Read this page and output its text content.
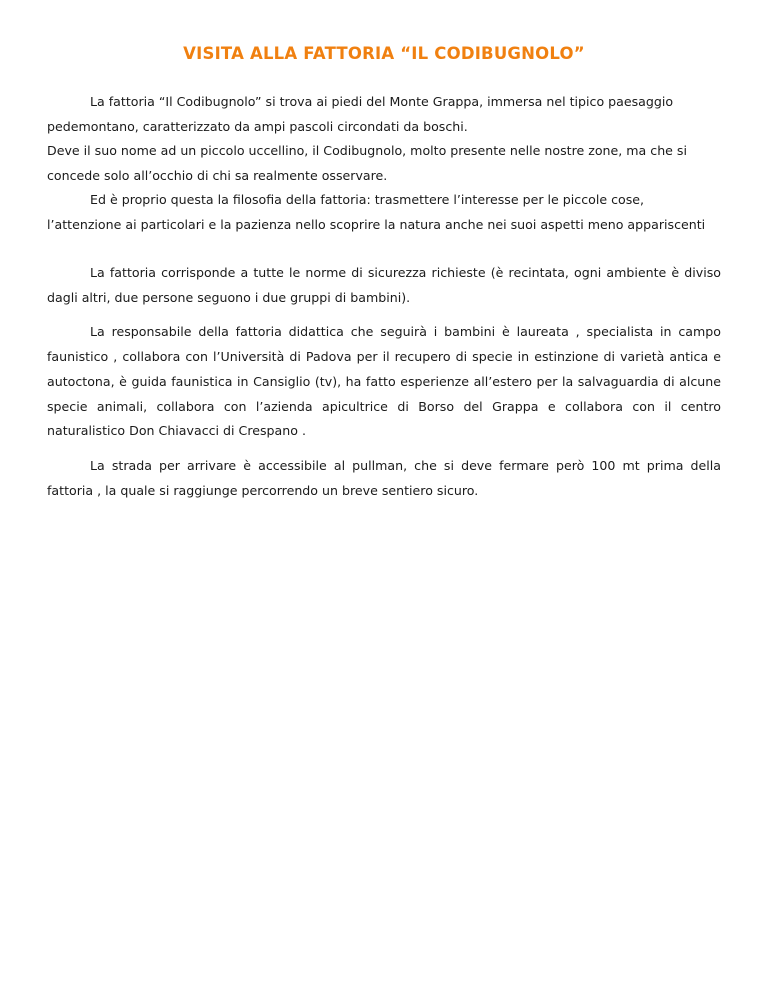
VISITA ALLA FATTORIA “IL CODIBUGNOLO”

La fattoria “Il Codibugnolo” si trova ai piedi del Monte Grappa, immersa nel tipico paesaggio pedemontano, caratterizzato da ampi pascoli circondati da boschi.

Deve il suo nome ad un piccolo uccellino, il Codibugnolo, molto presente nelle nostre zone, ma che si concede solo all’occhio di chi sa realmente osservare.

Ed è proprio questa la filosofia della fattoria: trasmettere l’interesse per le piccole cose, l’attenzione ai particolari e la pazienza nello scoprire la natura anche nei suoi aspetti meno appariscenti

La fattoria corrisponde a tutte le norme di sicurezza richieste (è recintata, ogni ambiente è diviso dagli altri, due persone seguono i due gruppi di bambini).

La responsabile della fattoria didattica che seguirà i bambini è laureata , specialista in campo faunistico , collabora con l’Università di Padova per il recupero di specie in estinzione di varietà antica e autoctona, è guida faunistica in Cansiglio (tv), ha fatto esperienze all’estero per la salvaguardia di alcune specie animali, collabora con l’azienda apicultrice di Borso del Grappa e collabora con il centro naturalistico Don Chiavacci di Crespano .

La strada per arrivare è accessibile al pullman, che si deve fermare però 100 mt prima della fattoria , la quale si raggiunge percorrendo un breve sentiero sicuro.
